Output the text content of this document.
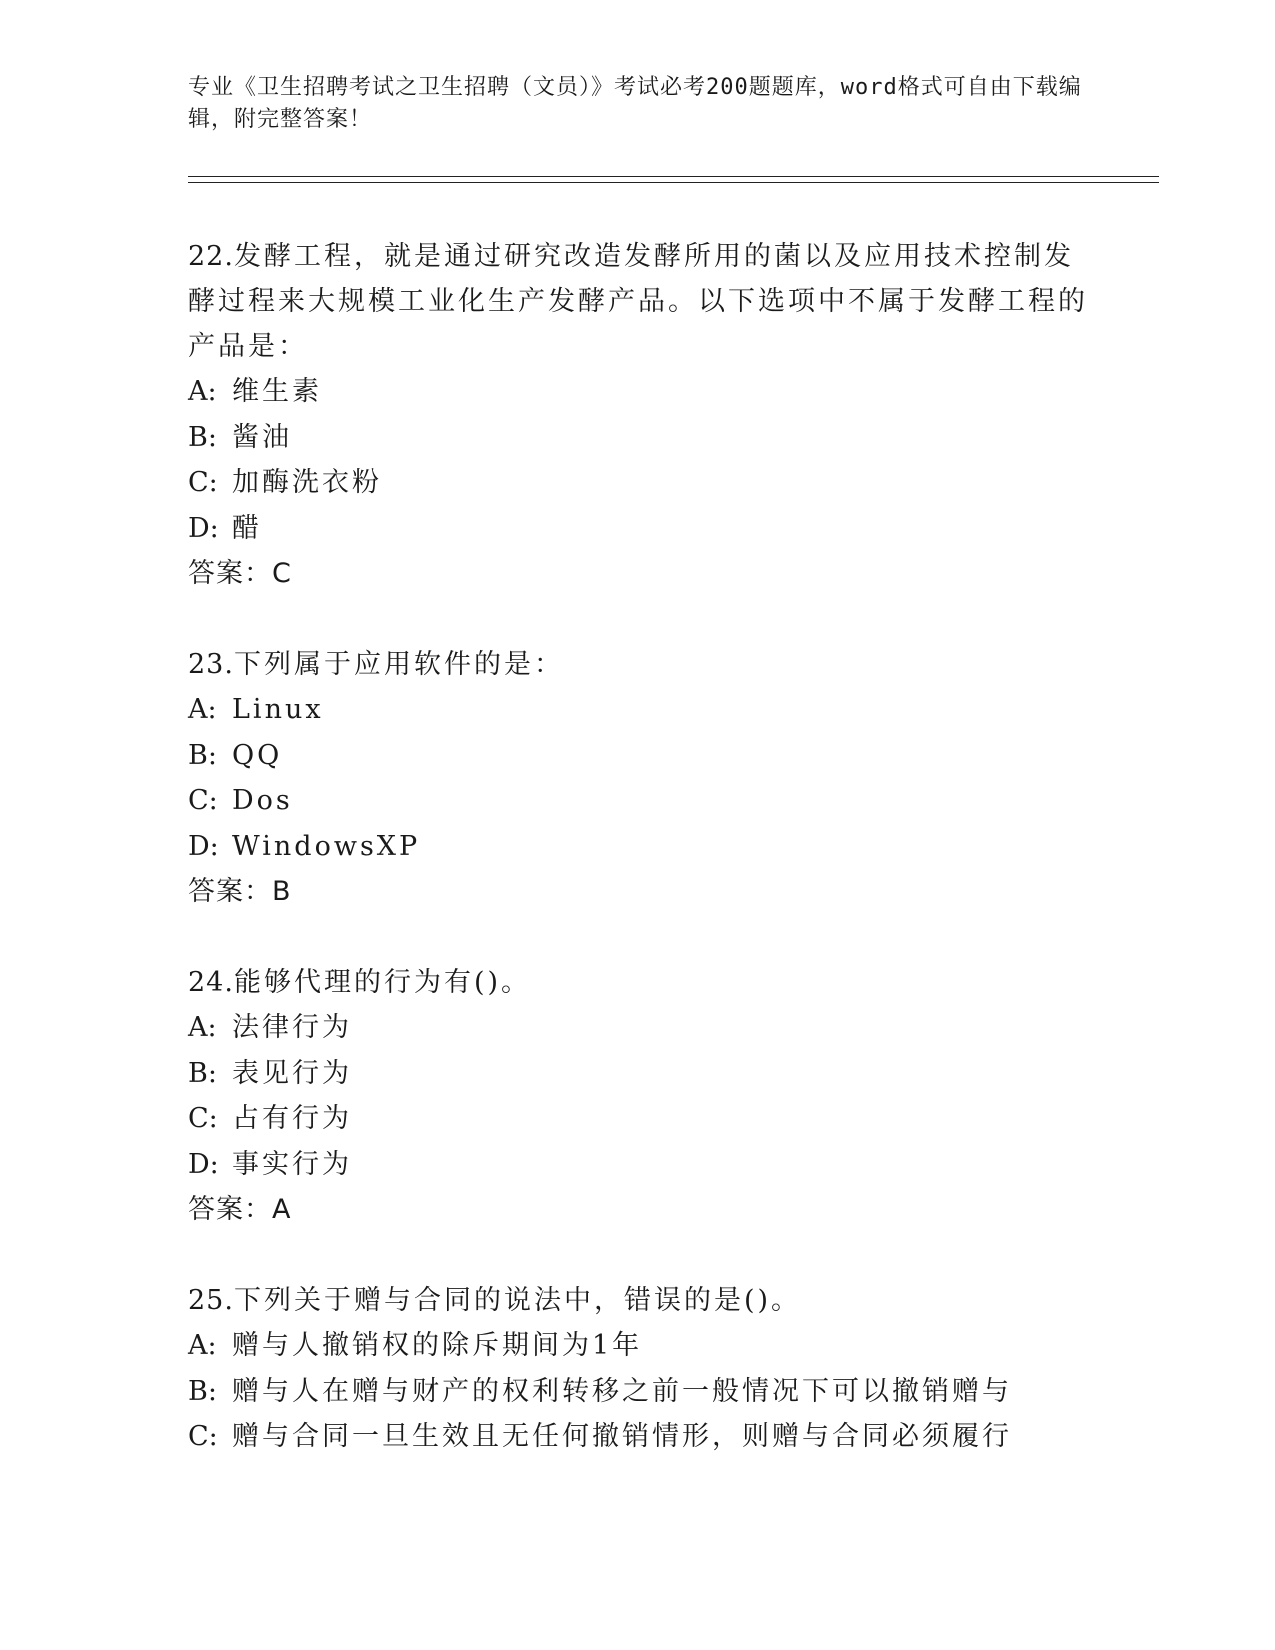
专业《卫生招聘考试之卫生招聘（文员）》考试必考200题题库，word格式可自由下载编辑，附完整答案！

22.发酵工程，就是通过研究改造发酵所用的菌以及应用技术控制发酵过程来大规模工业化生产发酵产品。以下选项中不属于发酵工程的产品是：

A: 维生素

B: 酱油

C: 加酶洗衣粉

D: 醋

答案：C

23.下列属于应用软件的是：

A: Linux

B: QQ

C: Dos

D: WindowsXP

答案：B

24.能够代理的行为有()。

A: 法律行为

B: 表见行为

C: 占有行为

D: 事实行为

答案：A

25.下列关于赠与合同的说法中，错误的是()。

A: 赠与人撤销权的除斥期间为1年

B: 赠与人在赠与财产的权利转移之前一般情况下可以撤销赠与

C: 赠与合同一旦生效且无任何撤销情形，则赠与合同必须履行
